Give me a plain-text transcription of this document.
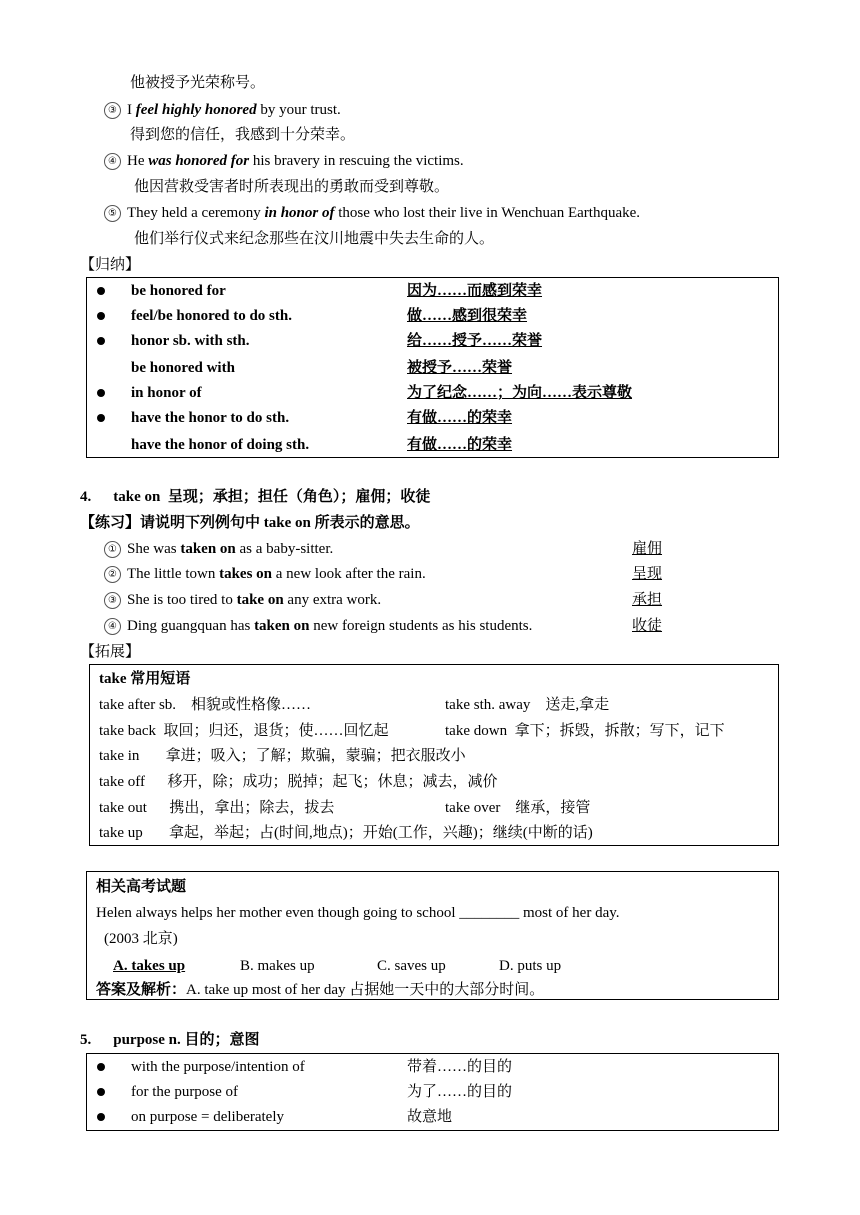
他被授予光荣称号。
③ I feel highly honored by your trust.
得到您的信任，我感到十分荣幸。
④ He was honored for his bravery in rescuing the victims.
他因营救受害者时所表现出的勇敢而受到尊敬。
⑤ They held a ceremony in honor of those who lost their live in Wenchuan Earthquake.
他们举行仪式来纪念那些在汶川地震中失去生命的人。
【归纳】
be honored for	因为……而感到荣幸
feel/be honored to do sth.	做……感到很荣幸
honor sb. with sth.	给……授予……荣誉
be honored with	被授予……荣誉
in honor of	为了纪念……；为向……表示尊敬
have the honor to do sth.	有做……的荣幸
have the honor of doing sth.	有做……的荣幸
4. take on 呈现；承担；担任（角色）；雇佣；收徒
【练习】请说明下列例句中 take on 所表示的意思。
① She was taken on as a baby-sitter.	雇佣
② The little town takes on a new look after the rain.	呈现
③ She is too tired to take on any extra work.	承担
④ Ding guangquan has taken on new foreign students as his students.	收徒
【拓展】
take 常用短语
take after sb.    相貌或性格像……	take sth. away    送走,拿走
take back  取回；归还，退货；使……回忆起	take down  拿下；拆毁，拆散；写下，记下
take in       拿进；吸入；了解；欺骗，蒙骗；把衣服改小
take off      移开，除；成功；脱掉；起飞；休息；减去，减价
take out      携出，拿出；除去，拔去	take over    继承，接管
take up       拿起，举起；占(时间,地点)；开始(工作，兴趣)；继续(中断的话)
相关高考试题
Helen always helps her mother even though going to school ________ most of her day.
(2003 北京)
A. takes up	B. makes up	C. saves up	D. puts up
答案及解析：A. take up most of her day 占据她一天中的大部分时间。
5. purpose n. 目的；意图
with the purpose/intention of	带着……的目的
for the purpose of	为了……的目的
on purpose = deliberately	故意地
